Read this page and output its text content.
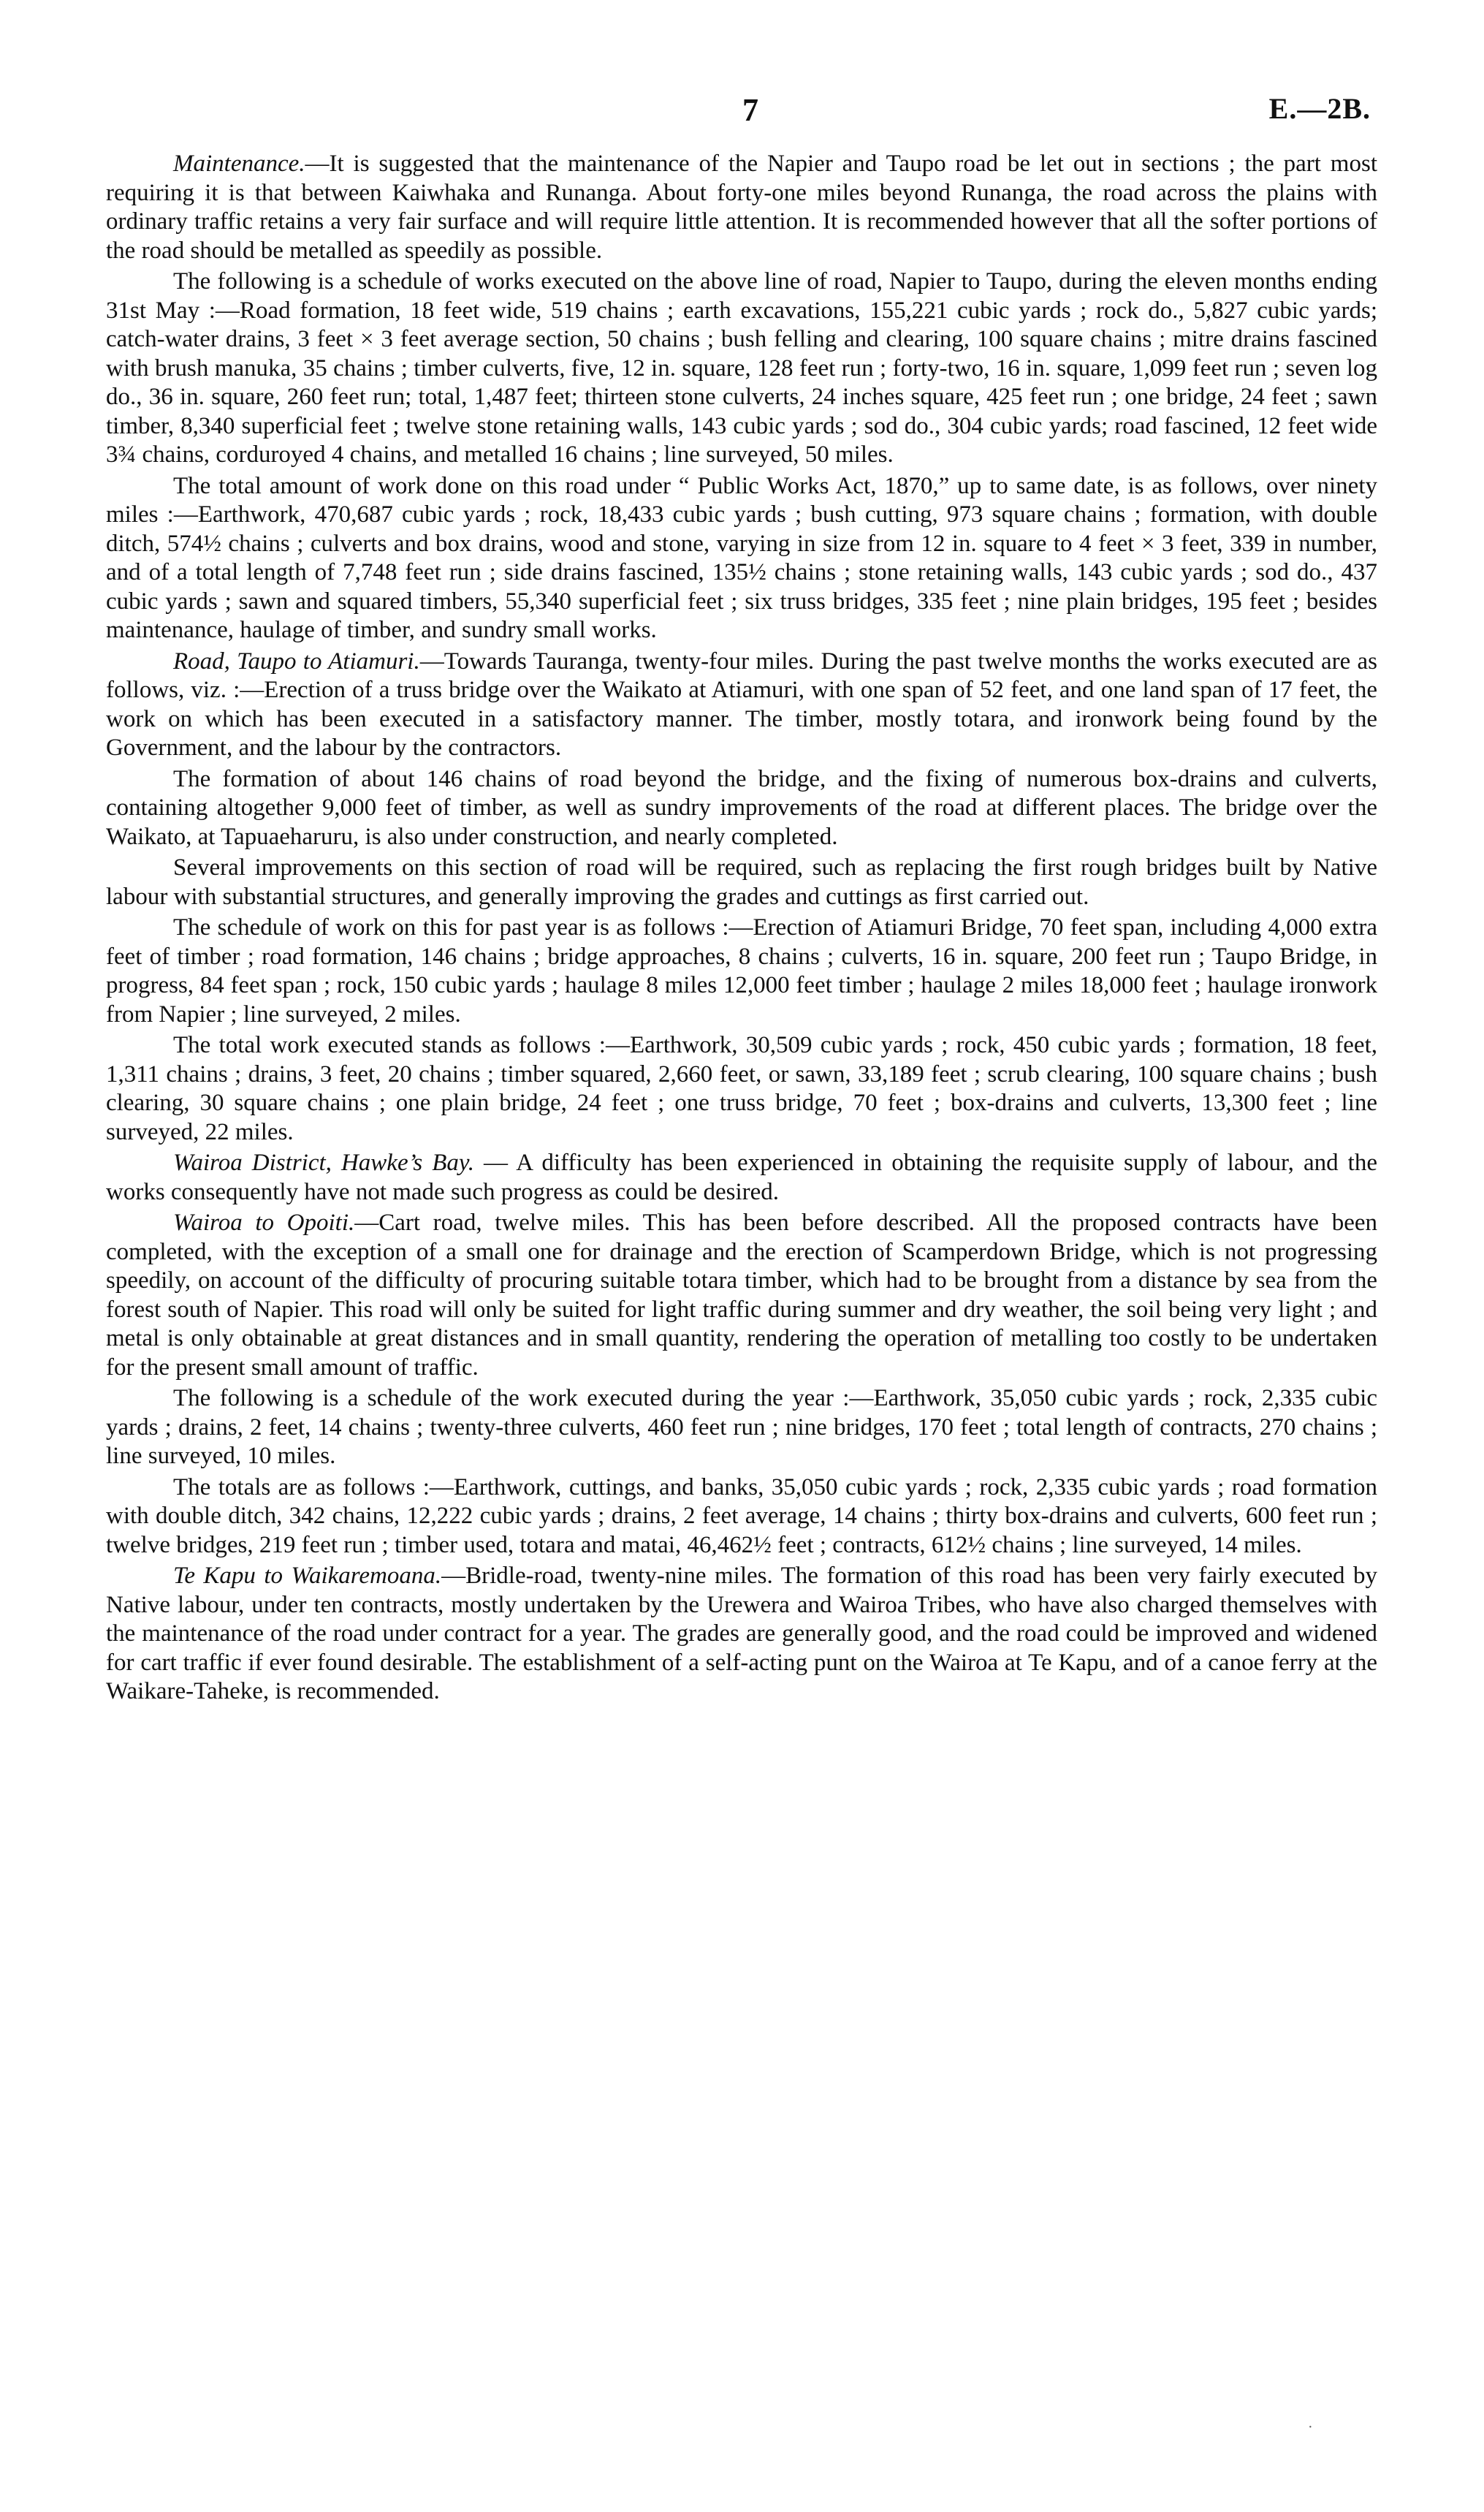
7	E.—2B.

Maintenance.—It is suggested that the maintenance of the Napier and Taupo road be let out in sections ; the part most requiring it is that between Kaiwhaka and Runanga. About forty-one miles beyond Runanga, the road across the plains with ordinary traffic retains a very fair surface and will require little attention. It is recommended however that all the softer portions of the road should be metalled as speedily as possible.

The following is a schedule of works executed on the above line of road, Napier to Taupo, during the eleven months ending 31st May :—Road formation, 18 feet wide, 519 chains ; earth excavations, 155,221 cubic yards ; rock do., 5,827 cubic yards; catch-water drains, 3 feet × 3 feet average section, 50 chains ; bush felling and clearing, 100 square chains ; mitre drains fascined with brush manuka, 35 chains ; timber culverts, five, 12 in. square, 128 feet run ; forty-two, 16 in. square, 1,099 feet run ; seven log do., 36 in. square, 260 feet run; total, 1,487 feet; thirteen stone culverts, 24 inches square, 425 feet run ; one bridge, 24 feet ; sawn timber, 8,340 superficial feet ; twelve stone retaining walls, 143 cubic yards ; sod do., 304 cubic yards; road fascined, 12 feet wide 3¾ chains, corduroyed 4 chains, and metalled 16 chains ; line surveyed, 50 miles.

The total amount of work done on this road under “ Public Works Act, 1870,” up to same date, is as follows, over ninety miles :—Earthwork, 470,687 cubic yards ; rock, 18,433 cubic yards ; bush cutting, 973 square chains ; formation, with double ditch, 574½ chains ; culverts and box drains, wood and stone, varying in size from 12 in. square to 4 feet × 3 feet, 339 in number, and of a total length of 7,748 feet run ; side drains fascined, 135½ chains ; stone retaining walls, 143 cubic yards ; sod do., 437 cubic yards ; sawn and squared timbers, 55,340 superficial feet ; six truss bridges, 335 feet ; nine plain bridges, 195 feet ; besides maintenance, haulage of timber, and sundry small works.

Road, Taupo to Atiamuri.—Towards Tauranga, twenty-four miles. During the past twelve months the works executed are as follows, viz. :—Erection of a truss bridge over the Waikato at Atiamuri, with one span of 52 feet, and one land span of 17 feet, the work on which has been executed in a satisfactory manner. The timber, mostly totara, and ironwork being found by the Government, and the labour by the contractors.

The formation of about 146 chains of road beyond the bridge, and the fixing of numerous box-drains and culverts, containing altogether 9,000 feet of timber, as well as sundry improvements of the road at different places. The bridge over the Waikato, at Tapuaeharuru, is also under construction, and nearly completed.

Several improvements on this section of road will be required, such as replacing the first rough bridges built by Native labour with substantial structures, and generally improving the grades and cuttings as first carried out.

The schedule of work on this for past year is as follows :—Erection of Atiamuri Bridge, 70 feet span, including 4,000 extra feet of timber ; road formation, 146 chains ; bridge approaches, 8 chains ; culverts, 16 in. square, 200 feet run ; Taupo Bridge, in progress, 84 feet span ; rock, 150 cubic yards ; haulage 8 miles 12,000 feet timber ; haulage 2 miles 18,000 feet ; haulage ironwork from Napier ; line surveyed, 2 miles.

The total work executed stands as follows :—Earthwork, 30,509 cubic yards ; rock, 450 cubic yards ; formation, 18 feet, 1,311 chains ; drains, 3 feet, 20 chains ; timber squared, 2,660 feet, or sawn, 33,189 feet ; scrub clearing, 100 square chains ; bush clearing, 30 square chains ; one plain bridge, 24 feet ; one truss bridge, 70 feet ; box-drains and culverts, 13,300 feet ; line surveyed, 22 miles.

Wairoa District, Hawke’s Bay. — A difficulty has been experienced in obtaining the requisite supply of labour, and the works consequently have not made such progress as could be desired.

Wairoa to Opoiti.—Cart road, twelve miles. This has been before described. All the proposed contracts have been completed, with the exception of a small one for drainage and the erection of Scamperdown Bridge, which is not progressing speedily, on account of the difficulty of procuring suitable totara timber, which had to be brought from a distance by sea from the forest south of Napier. This road will only be suited for light traffic during summer and dry weather, the soil being very light ; and metal is only obtainable at great distances and in small quantity, rendering the operation of metalling too costly to be undertaken for the present small amount of traffic.

The following is a schedule of the work executed during the year :—Earthwork, 35,050 cubic yards ; rock, 2,335 cubic yards ; drains, 2 feet, 14 chains ; twenty-three culverts, 460 feet run ; nine bridges, 170 feet ; total length of contracts, 270 chains ; line surveyed, 10 miles.

The totals are as follows :—Earthwork, cuttings, and banks, 35,050 cubic yards ; rock, 2,335 cubic yards ; road formation with double ditch, 342 chains, 12,222 cubic yards ; drains, 2 feet average, 14 chains ; thirty box-drains and culverts, 600 feet run ; twelve bridges, 219 feet run ; timber used, totara and matai, 46,462½ feet ; contracts, 612½ chains ; line surveyed, 14 miles.

Te Kapu to Waikaremoana.—Bridle-road, twenty-nine miles. The formation of this road has been very fairly executed by Native labour, under ten contracts, mostly undertaken by the Urewera and Wairoa Tribes, who have also charged themselves with the maintenance of the road under contract for a year. The grades are generally good, and the road could be improved and widened for cart traffic if ever found desirable. The establishment of a self-acting punt on the Wairoa at Te Kapu, and of a canoe ferry at the Waikare-Taheke, is recommended.

·
